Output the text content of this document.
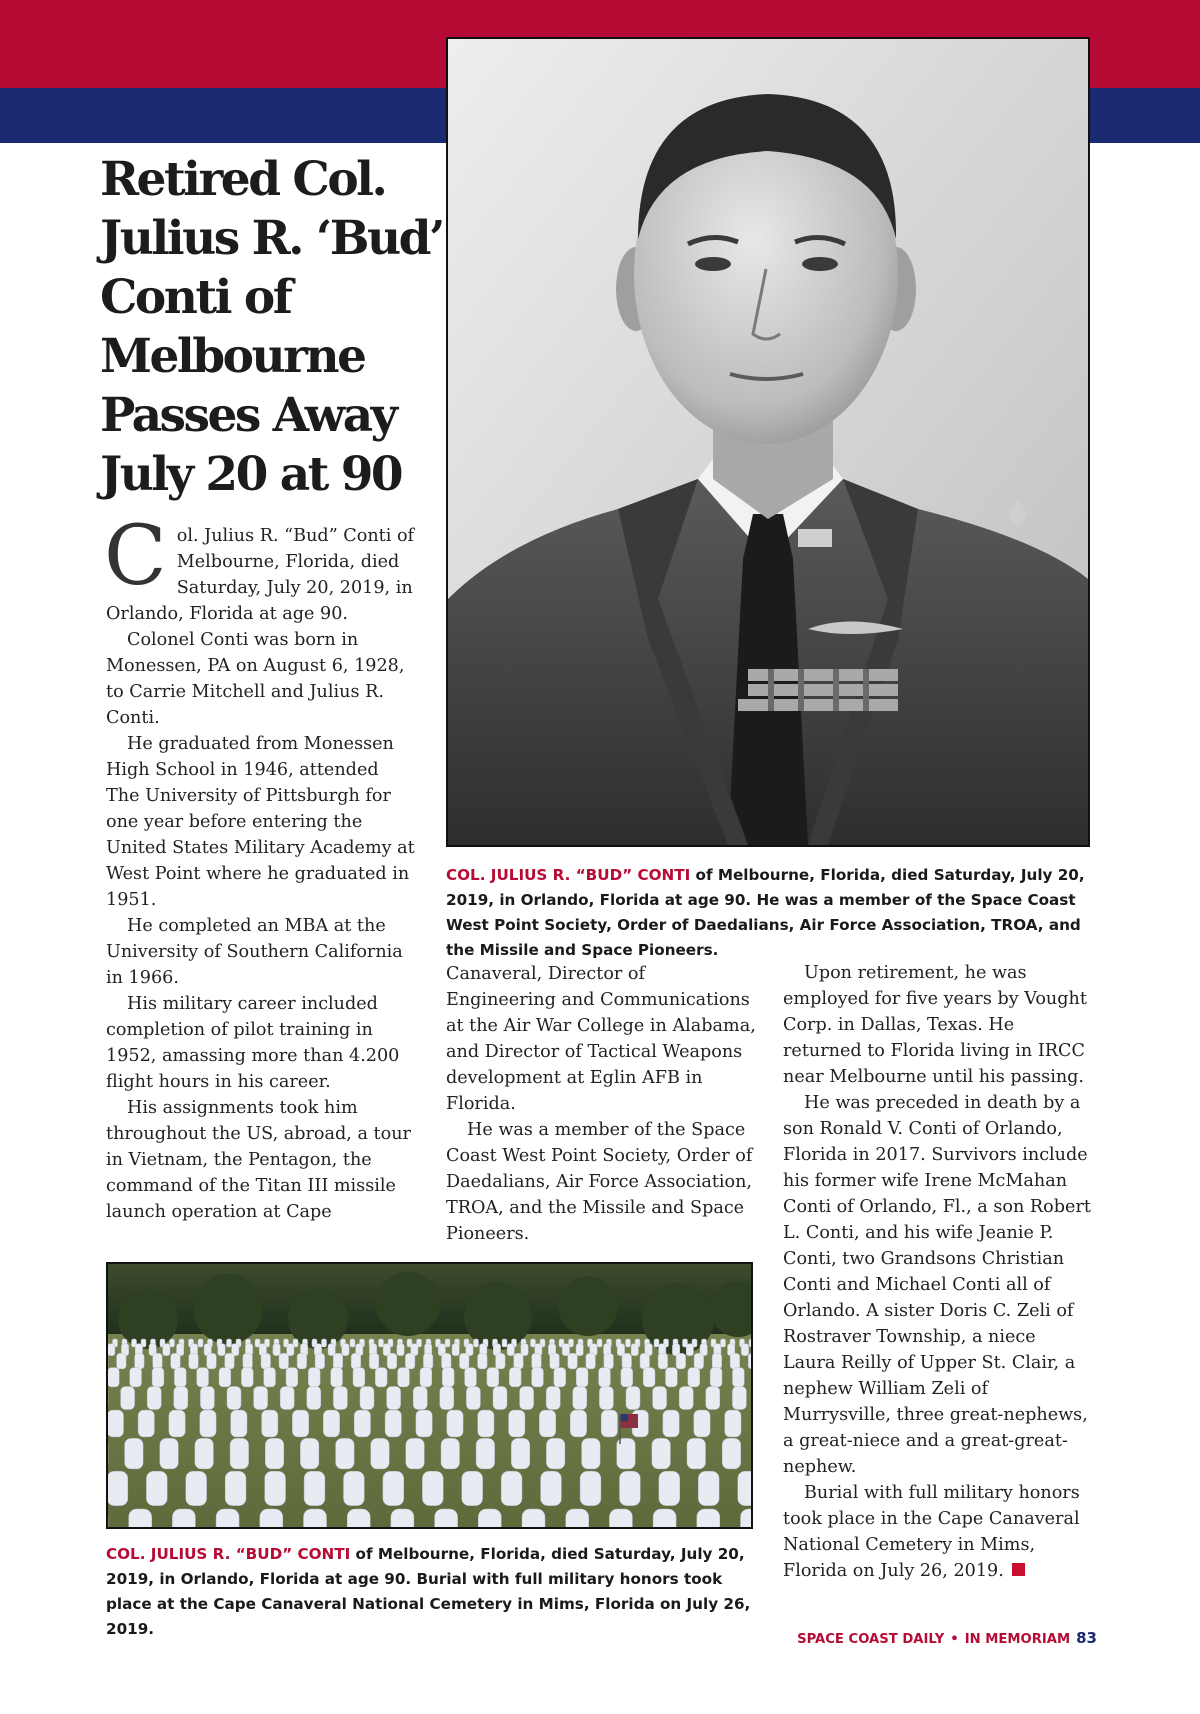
Retired Col. Julius R. ‘Bud’ Conti of Melbourne Passes Away July 20 at 90

COL. JULIUS R. “BUD” CONTI of Melbourne, Florida, died Saturday, July 20, 2019, in Orlando, Florida at age 90. He was a member of the Space Coast West Point Society, Order of Daedalians, Air Force Association, TROA, and the Missile and Space Pioneers.

Col. Julius R. “Bud” Conti of Melbourne, Florida, died Saturday, July 20, 2019, in Orlando, Florida at age 90.

Colonel Conti was born in Monessen, PA on August 6, 1928, to Carrie Mitchell and Julius R. Conti.

He graduated from Monessen High School in 1946, attended The University of Pittsburgh for one year before entering the United States Military Academy at West Point where he graduated in 1951.

He completed an MBA at the University of Southern California in 1966.

His military career included completion of pilot training in 1952, amassing more than 4.200 flight hours in his career.

His assignments took him throughout the US, abroad, a tour in Vietnam, the Pentagon, the command of the Titan III missile launch operation at Cape

Canaveral, Director of Engineering and Communications at the Air War College in Alabama, and Director of Tactical Weapons development at Eglin AFB in Florida.

He was a member of the Space Coast West Point Society, Order of Daedalians, Air Force Association, TROA, and the Missile and Space Pioneers.

Upon retirement, he was employed for five years by Vought Corp. in Dallas, Texas. He returned to Florida living in IRCC near Melbourne until his passing.

He was preceded in death by a son Ronald V. Conti of Orlando, Florida in 2017. Survivors include his former wife Irene McMahan Conti of Orlando, Fl., a son Robert L. Conti, and his wife Jeanie P. Conti, two Grandsons Christian Conti and Michael Conti all of Orlando. A sister Doris C. Zeli of Rostraver Township, a niece Laura Reilly of Upper St. Clair, a nephew William Zeli of Murrysville, three great-nephews, a great-niece and a great-great-nephew.

Burial with full military honors took place in the Cape Canaveral National Cemetery in Mims, Florida on July 26, 2019.

COL. JULIUS R. “BUD” CONTI of Melbourne, Florida, died Saturday, July 20, 2019, in Orlando, Florida at age 90. Burial with full military honors took place at the Cape Canaveral National Cemetery in Mims, Florida on July 26, 2019.

SPACE COAST DAILY • IN MEMORIAM 83
